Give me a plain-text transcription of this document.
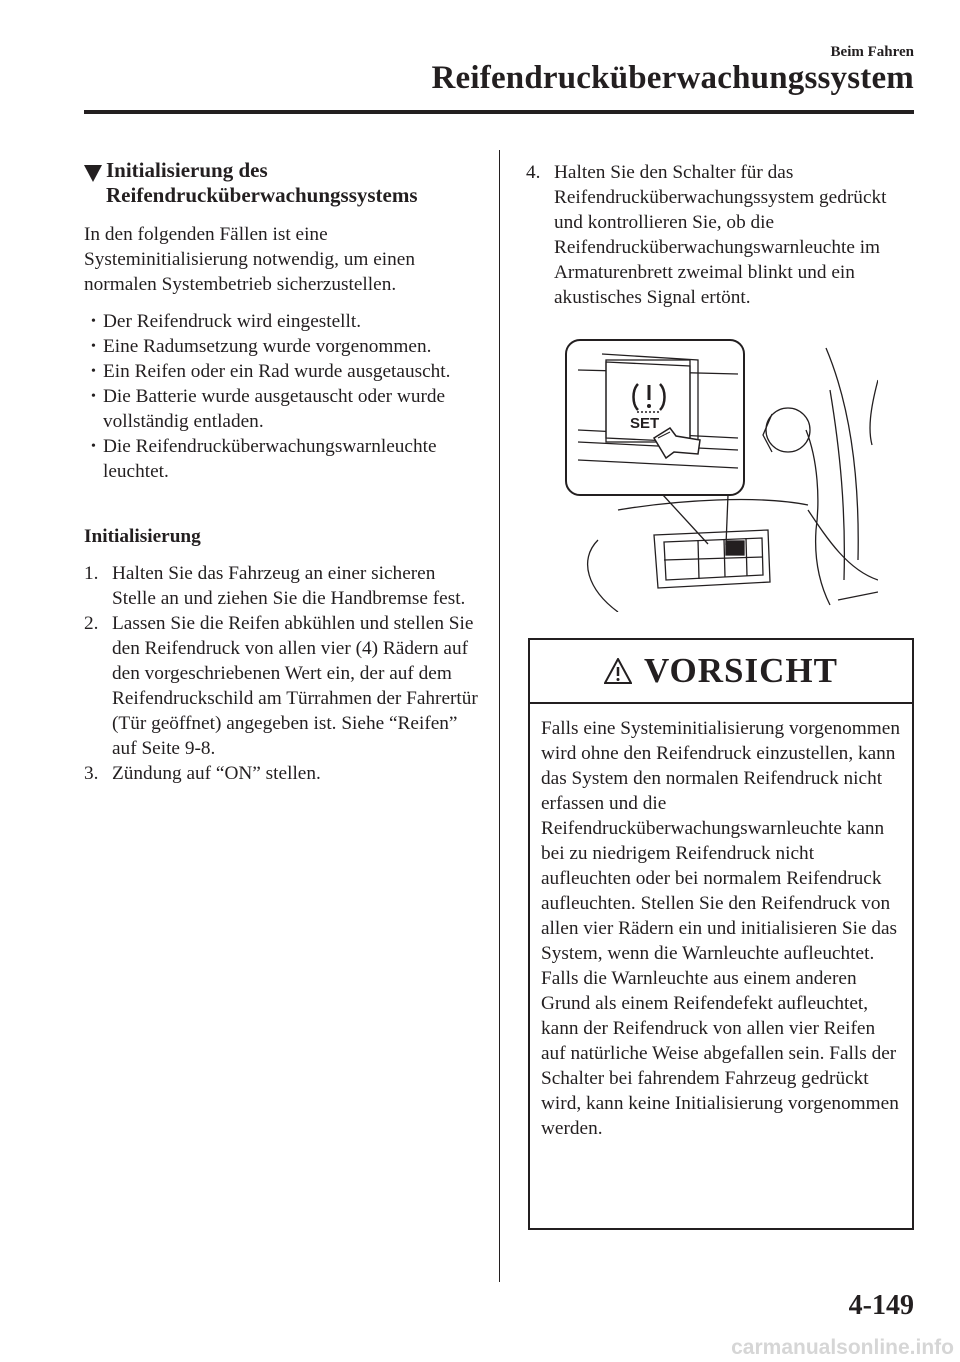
Beim Fahren
Reifendrucküberwachungssystem
Initialisierung des
Reifendrucküberwachungssystems

In den folgenden Fällen ist eine Systeminitialisierung notwendig, um einen normalen Systembetrieb sicherzustellen.

• Der Reifendruck wird eingestellt.
• Eine Radumsetzung wurde vorgenommen.
• Ein Reifen oder ein Rad wurde ausgetauscht.
• Die Batterie wurde ausgetauscht oder wurde vollständig entladen.
• Die Reifendrucküberwachungswarnleuchte leuchtet.

Initialisierung

1. Halten Sie das Fahrzeug an einer sicheren Stelle an und ziehen Sie die Handbremse fest.
2. Lassen Sie die Reifen abkühlen und stellen Sie den Reifendruck von allen vier (4) Rädern auf den vorgeschriebenen Wert ein, der auf dem Reifendruckschild am Türrahmen der Fahrertür (Tür geöffnet) angegeben ist. Siehe “Reifen” auf Seite 9-8.
3. Zündung auf “ON” stellen.
4. Halten Sie den Schalter für das Reifendrucküberwachungssystem gedrückt und kontrollieren Sie, ob die Reifendrucküberwachungswarnleuchte im Armaturenbrett zweimal blinkt und ein akustisches Signal ertönt.
SET
VORSICHT
Falls eine Systeminitialisierung vorgenommen wird ohne den Reifendruck einzustellen, kann das System den normalen Reifendruck nicht erfassen und die Reifendrucküberwachungswarnleuchte kann bei zu niedrigem Reifendruck nicht aufleuchten oder bei normalem Reifendruck aufleuchten. Stellen Sie den Reifendruck von allen vier Rädern ein und initialisieren Sie das System, wenn die Warnleuchte aufleuchtet. Falls die Warnleuchte aus einem anderen Grund als einem Reifendefekt aufleuchtet, kann der Reifendruck von allen vier Reifen auf natürliche Weise abgefallen sein. Falls der Schalter bei fahrendem Fahrzeug gedrückt wird, kann keine Initialisierung vorgenommen werden.
4-149
carmanualsonline.info
